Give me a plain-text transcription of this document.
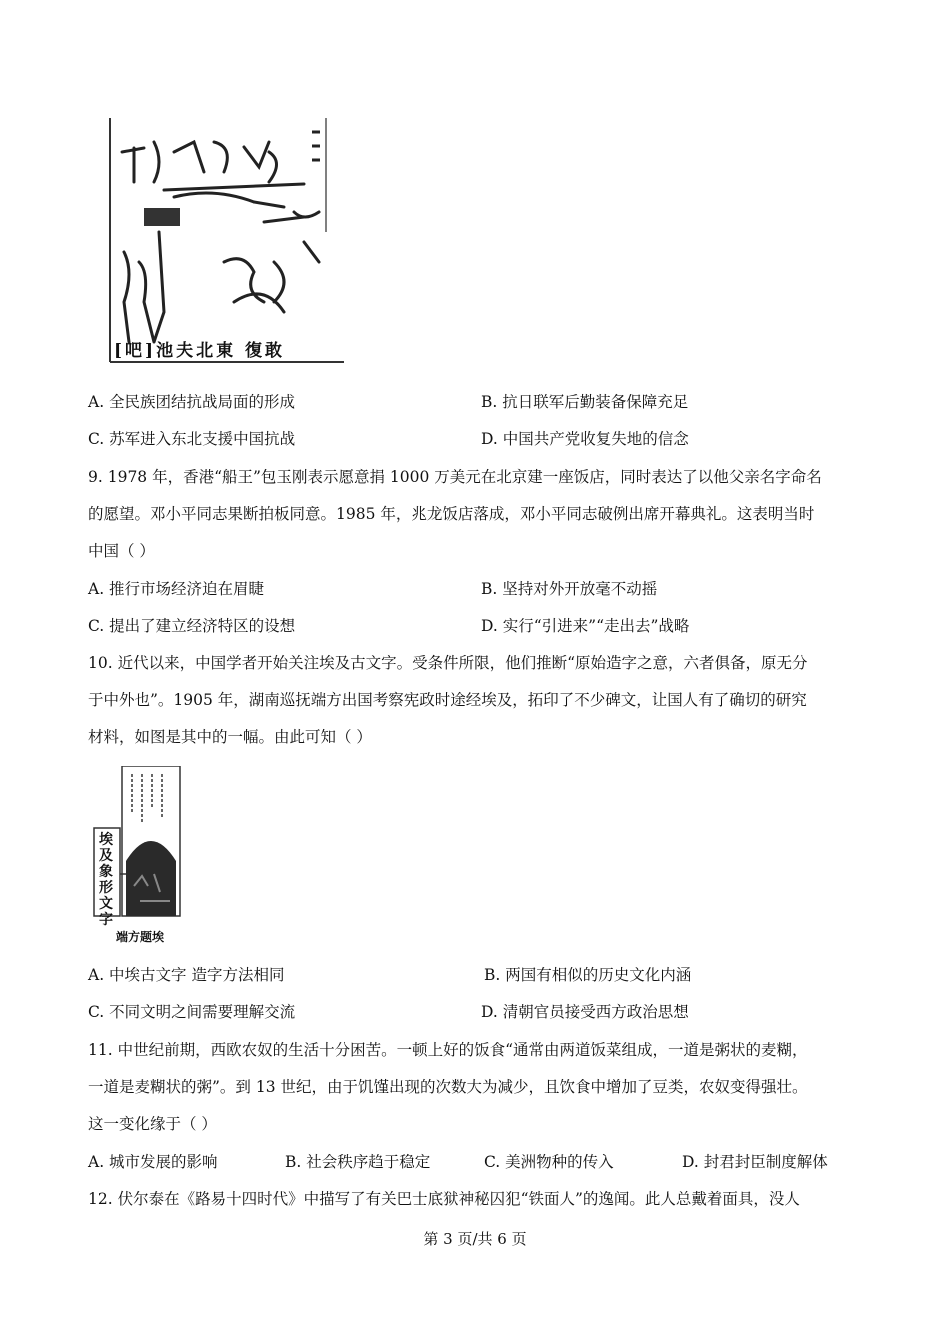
[吧]池夫北東 復敢
A. 全民族团结抗战局面的形成	B. 抗日联军后勤装备保障充足
C. 苏军进入东北支援中国抗战	D. 中国共产党收复失地的信念
9. 1978 年，香港“船王”包玉刚表示愿意捐 1000 万美元在北京建一座饭店，同时表达了以他父亲名字命名
的愿望。邓小平同志果断拍板同意。1985 年，兆龙饭店落成，邓小平同志破例出席开幕典礼。这表明当时
中国（ ）
A. 推行市场经济迫在眉睫	B. 坚持对外开放毫不动摇
C. 提出了建立经济特区的设想	D. 实行“引进来”“走出去”战略
10. 近代以来，中国学者开始关注埃及古文字。受条件所限，他们推断“原始造字之意，六者俱备，原无分
于中外也”。1905 年，湖南巡抚端方出国考察宪政时途经埃及，拓印了不少碑文，让国人有了确切的研究
材料，如图是其中的一幅。由此可知（ ）
埃及象形文字
端方题埃
A. 中埃古文字 造字方法相同	B. 两国有相似的历史文化内涵
C. 不同文明之间需要理解交流	D. 清朝官员接受西方政治思想
11. 中世纪前期，西欧农奴的生活十分困苦。一顿上好的饭食“通常由两道饭菜组成，一道是粥状的麦糊，
一道是麦糊状的粥”。到 13 世纪，由于饥馑出现的次数大为减少，且饮食中增加了豆类，农奴变得强壮。
这一变化缘于（ ）
A. 城市发展的影响	B. 社会秩序趋于稳定	C. 美洲物种的传入	D. 封君封臣制度解体
12. 伏尔泰在《路易十四时代》中描写了有关巴士底狱神秘囚犯“铁面人”的逸闻。此人总戴着面具，没人
第 3 页/共 6 页
